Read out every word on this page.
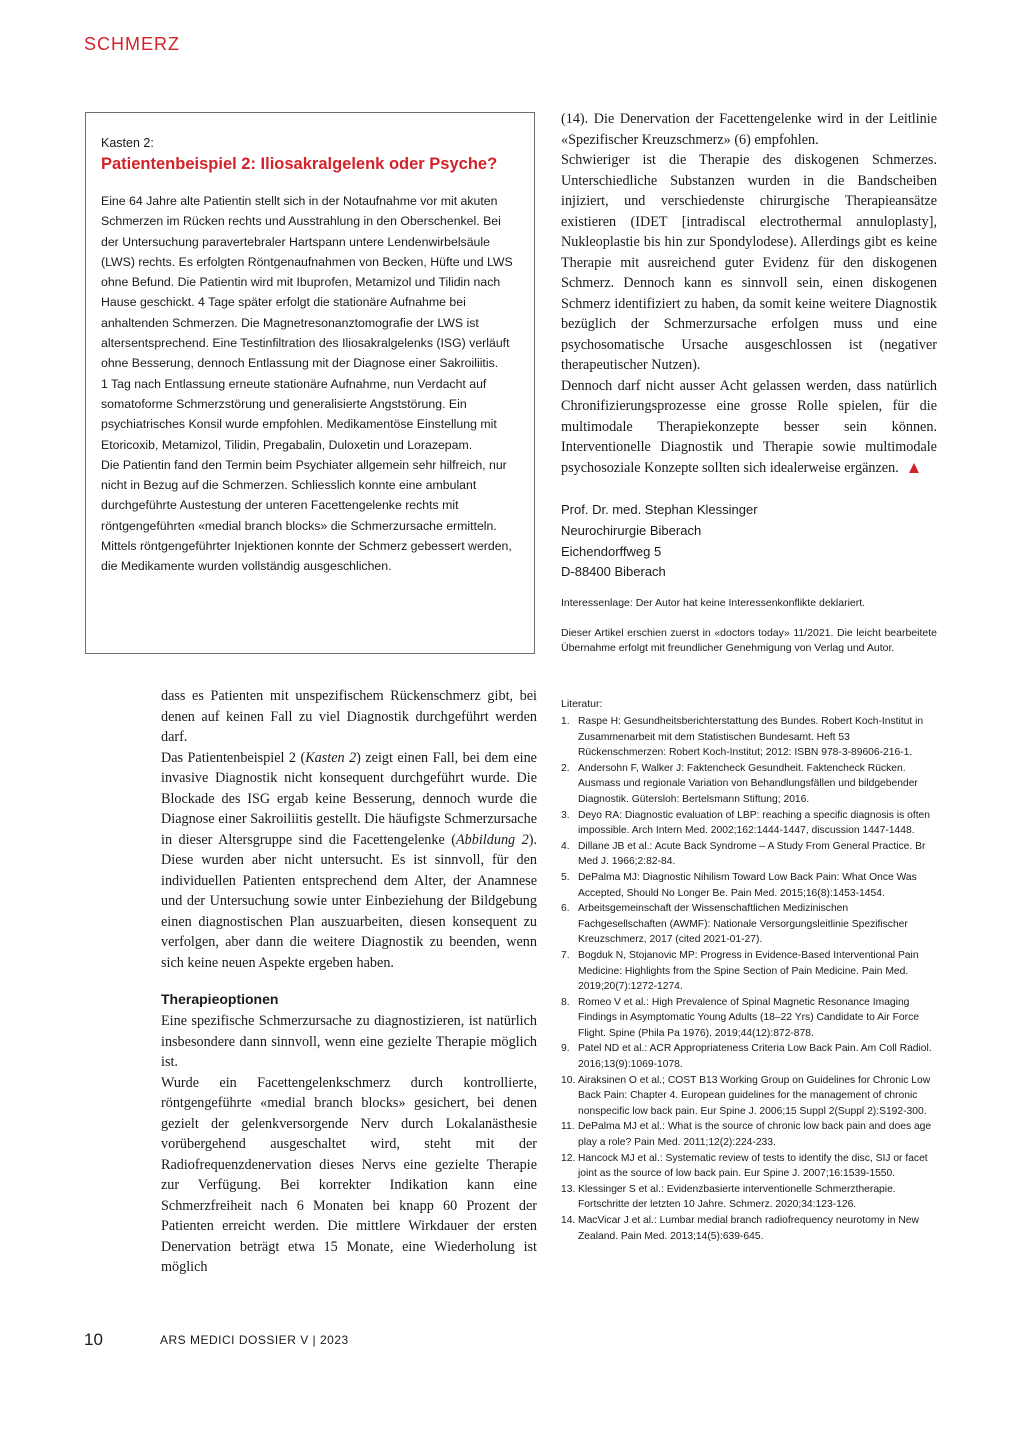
SCHMERZ
Kasten 2:
Patientenbeispiel 2: Iliosakralgelenk oder Psyche?

Eine 64 Jahre alte Patientin stellt sich in der Notaufnahme vor mit akuten Schmerzen im Rücken rechts und Ausstrahlung in den Oberschenkel. Bei der Untersuchung paravertebraler Hartspann untere Lendenwirbelsäule (LWS) rechts. Es erfolgten Röntgenaufnahmen von Becken, Hüfte und LWS ohne Befund. Die Patientin wird mit Ibuprofen, Metamizol und Tilidin nach Hause geschickt. 4 Tage später erfolgt die stationäre Aufnahme bei anhaltenden Schmerzen. Die Magnetresonanztomografie der LWS ist altersentsprechend. Eine Testinfiltration des Iliosakralgelenks (ISG) verläuft ohne Besserung, dennoch Entlassung mit der Diagnose einer Sakroiliitis.

1 Tag nach Entlassung erneute stationäre Aufnahme, nun Verdacht auf somatoforme Schmerzstörung und generalisierte Angststörung. Ein psychiatrisches Konsil wurde empfohlen. Medikamentöse Einstellung mit Etoricoxib, Metamizol, Tilidin, Pregabalin, Duloxetin und Lorazepam.

Die Patientin fand den Termin beim Psychiater allgemein sehr hilfreich, nur nicht in Bezug auf die Schmerzen. Schliesslich konnte eine ambulant durchgeführte Austestung der unteren Facettengelenke rechts mit röntgengeführten «medial branch blocks» die Schmerzursache ermitteln. Mittels röntgengeführter Injektionen konnte der Schmerz gebessert werden, die Medikamente wurden vollständig ausgeschlichen.

dass es Patienten mit unspezifischem Rückenschmerz gibt, bei denen auf keinen Fall zu viel Diagnostik durchgeführt werden darf.

Das Patientenbeispiel 2 (Kasten 2) zeigt einen Fall, bei dem eine invasive Diagnostik nicht konsequent durchgeführt wurde. Die Blockade des ISG ergab keine Besserung, dennoch wurde die Diagnose einer Sakroiliitis gestellt. Die häufigste Schmerzursache in dieser Altersgruppe sind die Facettengelenke (Abbildung 2). Diese wurden aber nicht untersucht. Es ist sinnvoll, für den individuellen Patienten entsprechend dem Alter, der Anamnese und der Untersuchung sowie unter Einbeziehung der Bildgebung einen diagnostischen Plan auszuarbeiten, diesen konsequent zu verfolgen, aber dann die weitere Diagnostik zu beenden, wenn sich keine neuen Aspekte ergeben haben.

Therapieoptionen

Eine spezifische Schmerzursache zu diagnostizieren, ist natürlich insbesondere dann sinnvoll, wenn eine gezielte Therapie möglich ist.

Wurde ein Facettengelenkschmerz durch kontrollierte, röntgengeführte «medial branch blocks» gesichert, bei denen gezielt der gelenkversorgende Nerv durch Lokalanästhesie vorübergehend ausgeschaltet wird, steht mit der Radiofrequenzdenervation dieses Nervs eine gezielte Therapie zur Verfügung. Bei korrekter Indikation kann eine Schmerzfreiheit nach 6 Monaten bei knapp 60 Prozent der Patienten erreicht werden. Die mittlere Wirkdauer der ersten Denervation beträgt etwa 15 Monate, eine Wiederholung ist möglich

(14). Die Denervation der Facettengelenke wird in der Leitlinie «Spezifischer Kreuzschmerz» (6) empfohlen.

Schwieriger ist die Therapie des diskogenen Schmerzes. Unterschiedliche Substanzen wurden in die Bandscheiben injiziert, und verschiedenste chirurgische Therapieansätze existieren (IDET [intradiscal electrothermal annuloplasty], Nukleoplastie bis hin zur Spondylodese). Allerdings gibt es keine Therapie mit ausreichend guter Evidenz für den diskogenen Schmerz. Dennoch kann es sinnvoll sein, einen diskogenen Schmerz identifiziert zu haben, da somit keine weitere Diagnostik bezüglich der Schmerzursache erfolgen muss und eine psychosomatische Ursache ausgeschlossen ist (negativer therapeutischer Nutzen).

Dennoch darf nicht ausser Acht gelassen werden, dass natürlich Chronifizierungsprozesse eine grosse Rolle spielen, für die multimodale Therapiekonzepte besser sein können. Interventionelle Diagnostik und Therapie sowie multimodale psychosoziale Konzepte sollten sich idealerweise ergänzen.

Prof. Dr. med. Stephan Klessinger
Neurochirurgie Biberach
Eichendorffweg 5
D-88400 Biberach

Interessenlage: Der Autor hat keine Interessenkonflikte deklariert.

Dieser Artikel erschien zuerst in «doctors today» 11/2021. Die leicht bearbeitete Übernahme erfolgt mit freundlicher Genehmigung von Verlag und Autor.

Literatur:
1. Raspe H: Gesundheitsberichterstattung des Bundes. Robert Koch-Institut in Zusammenarbeit mit dem Statistischen Bundesamt. Heft 53 Rückenschmerzen: Robert Koch-Institut; 2012: ISBN 978-3-89606-216-1.
2. Andersohn F, Walker J: Faktencheck Gesundheit. Faktencheck Rücken. Ausmass und regionale Variation von Behandlungsfällen und bildgebender Diagnostik. Gütersloh: Bertelsmann Stiftung; 2016.
3. Deyo RA: Diagnostic evaluation of LBP: reaching a specific diagnosis is often impossible. Arch Intern Med. 2002;162:1444-1447, discussion 1447-1448.
4. Dillane JB et al.: Acute Back Syndrome – A Study From General Practice. Br Med J. 1966;2:82-84.
5. DePalma MJ: Diagnostic Nihilism Toward Low Back Pain: What Once Was Accepted, Should No Longer Be. Pain Med. 2015;16(8):1453-1454.
6. Arbeitsgemeinschaft der Wissenschaftlichen Medizinischen Fachgesellschaften (AWMF): Nationale Versorgungsleitlinie Spezifischer Kreuzschmerz, 2017 (cited 2021-01-27).
7. Bogduk N, Stojanovic MP: Progress in Evidence-Based Interventional Pain Medicine: Highlights from the Spine Section of Pain Medicine. Pain Med. 2019;20(7):1272-1274.
8. Romeo V et al.: High Prevalence of Spinal Magnetic Resonance Imaging Findings in Asymptomatic Young Adults (18–22 Yrs) Candidate to Air Force Flight. Spine (Phila Pa 1976). 2019;44(12):872-878.
9. Patel ND et al.: ACR Appropriateness Criteria Low Back Pain. Am Coll Radiol. 2016;13(9):1069-1078.
10. Airaksinen O et al.; COST B13 Working Group on Guidelines for Chronic Low Back Pain: Chapter 4. European guidelines for the management of chronic nonspecific low back pain. Eur Spine J. 2006;15 Suppl 2(Suppl 2):S192-300.
11. DePalma MJ et al.: What is the source of chronic low back pain and does age play a role? Pain Med. 2011;12(2):224-233.
12. Hancock MJ et al.: Systematic review of tests to identify the disc, SIJ or facet joint as the source of low back pain. Eur Spine J. 2007;16:1539-1550.
13. Klessinger S et al.: Evidenzbasierte interventionelle Schmerztherapie. Fortschritte der letzten 10 Jahre. Schmerz. 2020;34:123-126.
14. MacVicar J et al.: Lumbar medial branch radiofrequency neurotomy in New Zealand. Pain Med. 2013;14(5):639-645.
10	ARS MEDICI DOSSIER V | 2023
